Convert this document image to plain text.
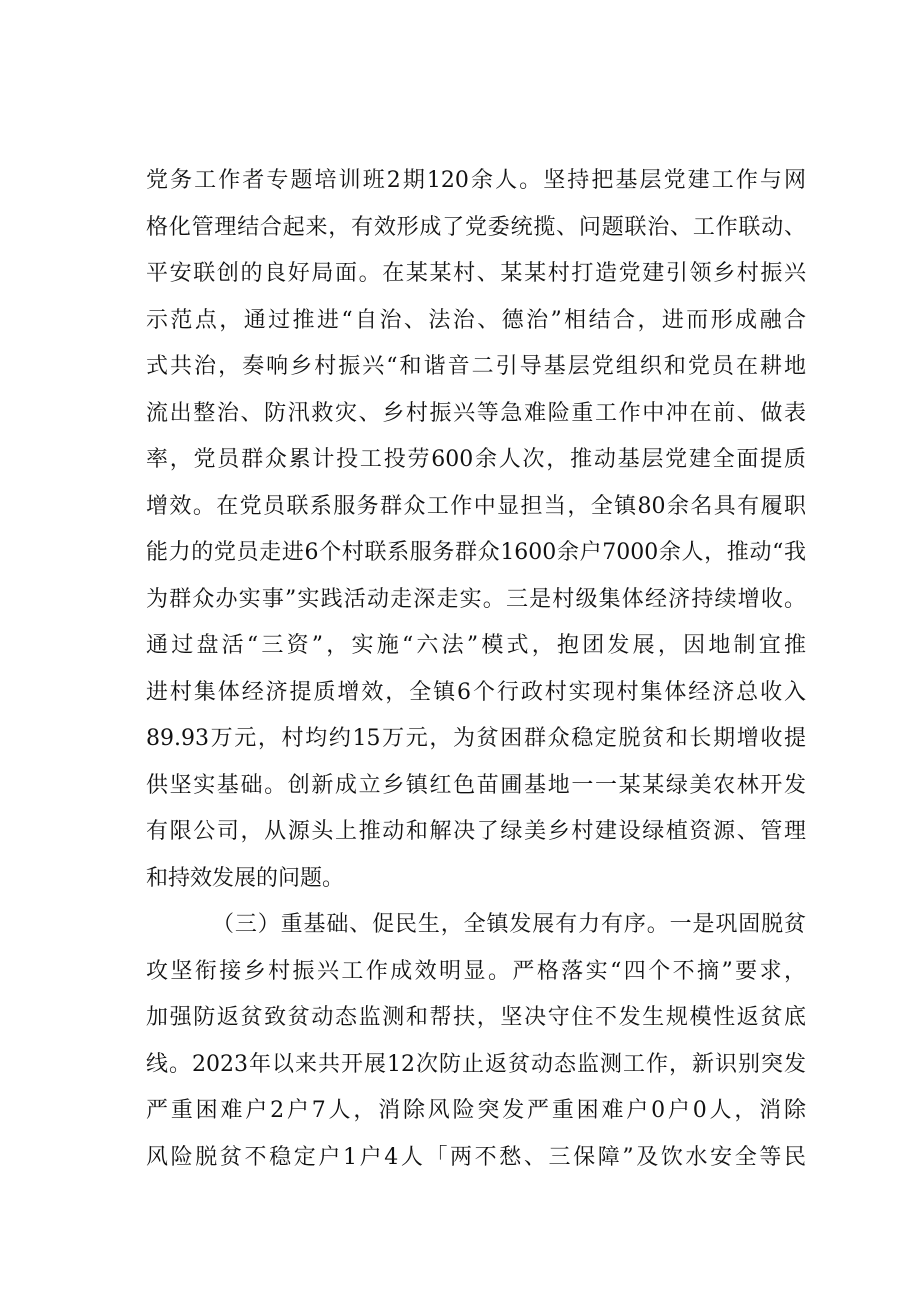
党务工作者专题培训班2期120余人。坚持把基层党建工作与网
格化管理结合起来，有效形成了党委统揽、问题联治、工作联动、
平安联创的良好局面。在某某村、某某村打造党建引领乡村振兴
示范点，通过推进“自治、法治、德治”相结合，进而形成融合
式共治，奏响乡村振兴“和谐音二引导基层党组织和党员在耕地
流出整治、防汛救灾、乡村振兴等急难险重工作中冲在前、做表
率，党员群众累计投工投劳600余人次，推动基层党建全面提质
增效。在党员联系服务群众工作中显担当，全镇80余名具有履职
能力的党员走进6个村联系服务群众1600余户7000余人，推动“我
为群众办实事”实践活动走深走实。三是村级集体经济持续增收。
通过盘活“三资”，实施“六法”模式，抱团发展，因地制宜推
进村集体经济提质增效，全镇6个行政村实现村集体经济总收入
89.93万元，村均约15万元，为贫困群众稳定脱贫和长期增收提
供坚实基础。创新成立乡镇红色苗圃基地一一某某绿美农林开发
有限公司，从源头上推动和解决了绿美乡村建设绿植资源、管理
和持效发展的问题。
（三）重基础、促民生，全镇发展有力有序。一是巩固脱贫
攻坚衔接乡村振兴工作成效明显。严格落实“四个不摘”要求，
加强防返贫致贫动态监测和帮扶，坚决守住不发生规模性返贫底
线。2023年以来共开展12次防止返贫动态监测工作，新识别突发
严重困难户2户7人，消除风险突发严重困难户0户0人，消除
风险脱贫不稳定户1户4人「两不愁、三保障”及饮水安全等民
